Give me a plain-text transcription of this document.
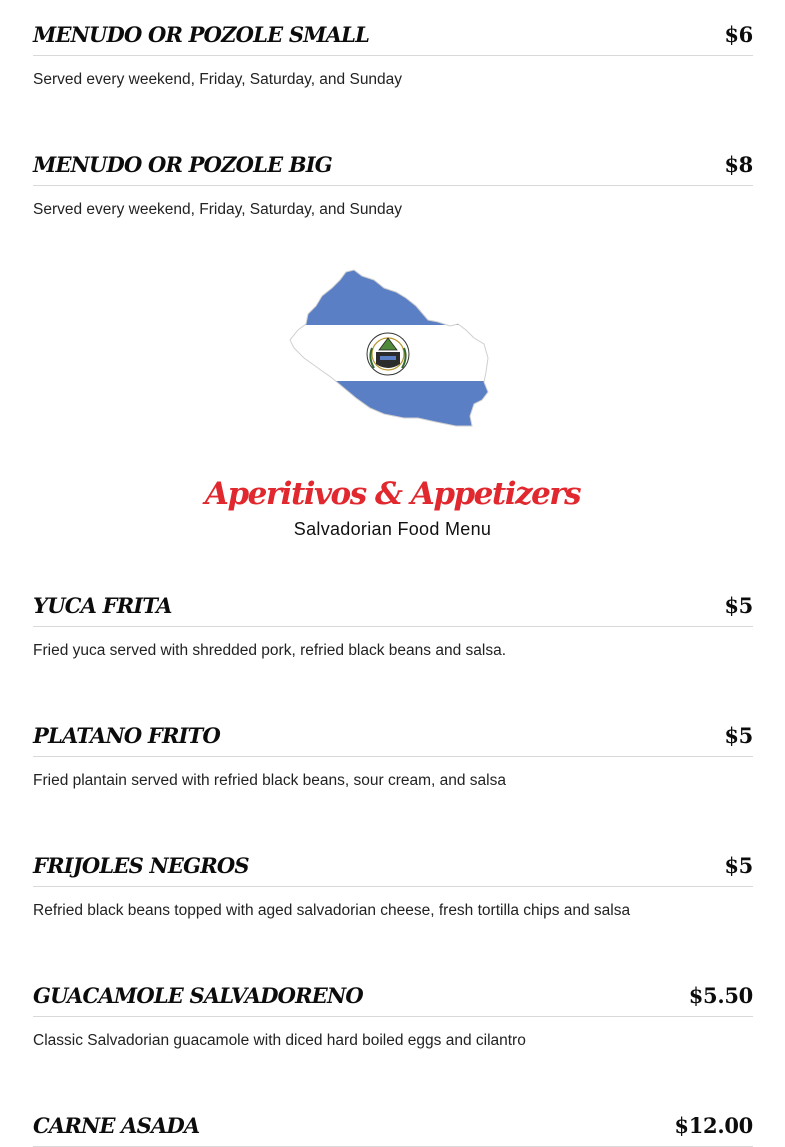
MENUDO OR POZOLE SMALL	$6
Served every weekend, Friday, Saturday, and Sunday
MENUDO OR POZOLE BIG	$8
Served every weekend, Friday, Saturday, and Sunday
YUCA FRITA	$5
Fried yuca served with shredded pork, refried black beans and salsa.
PLATANO FRITO	$5
Fried plantain served with refried black beans, sour cream, and salsa
FRIJOLES NEGROS	$5
Refried black beans topped with aged salvadorian cheese, fresh tortilla chips and salsa
GUACAMOLE SALVADORENO	$5.50
Classic Salvadorian guacamole with diced hard boiled eggs and cilantro
CARNE ASADA	$12.00
Aperitivos & Appetizers
Salvadorian Food Menu
